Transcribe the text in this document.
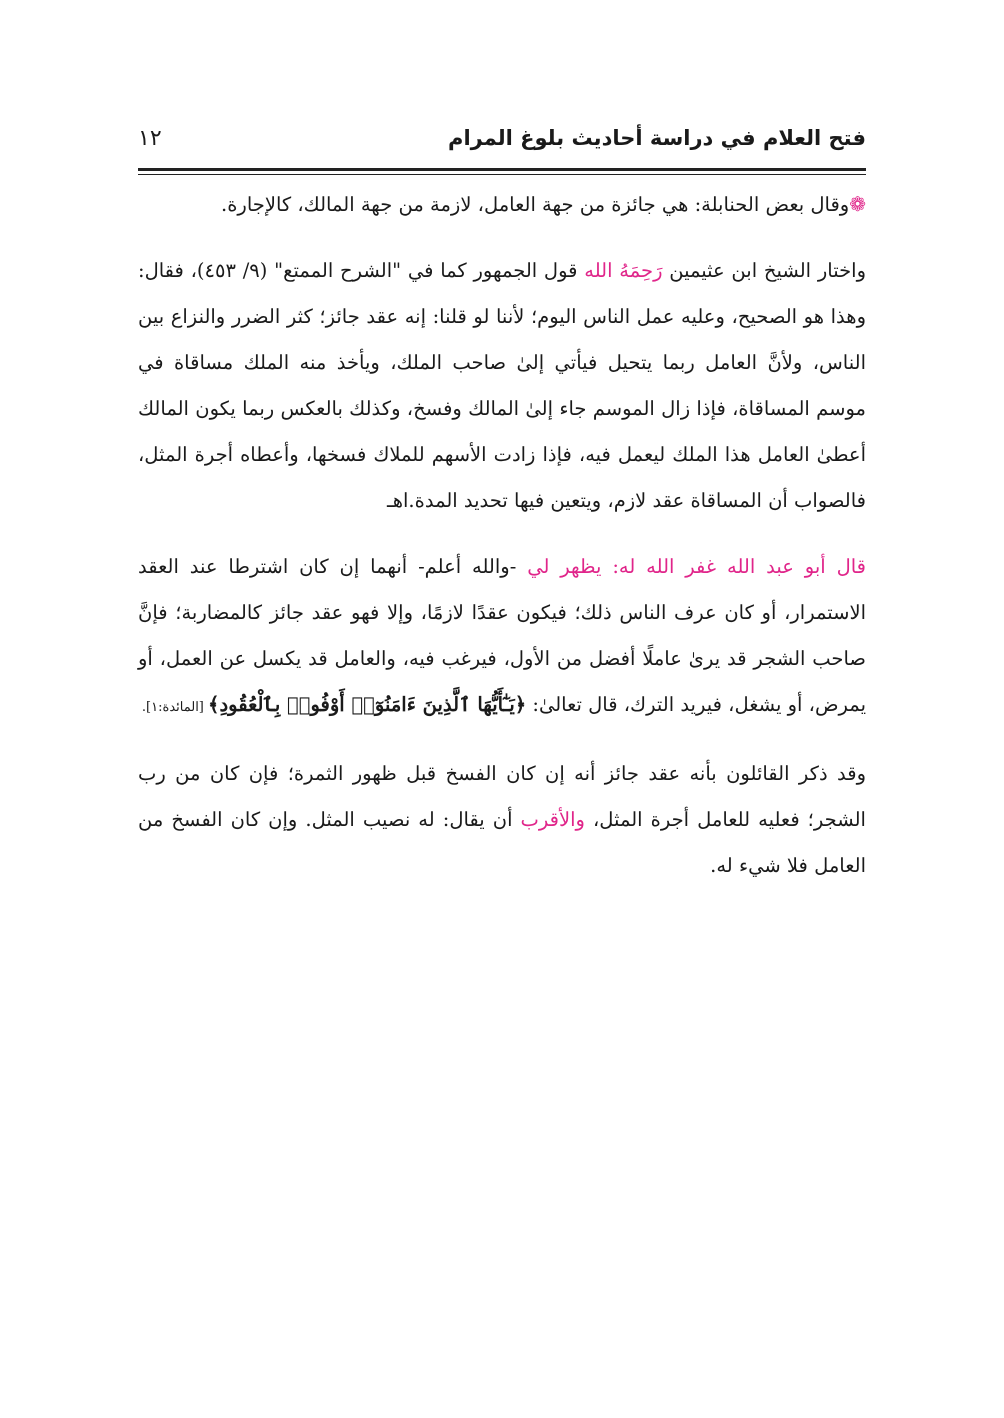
فتح العلام في دراسة أحاديث بلوغ المرام
١٢

❁وقال بعض الحنابلة: هي جائزة من جهة العامل، لازمة من جهة المالك، كالإجارة.

واختار الشيخ ابن عثيمين رَحِمَهُ الله قول الجمهور كما في "الشرح الممتع" (٩/ ٤٥٣)، فقال: وهذا هو الصحيح، وعليه عمل الناس اليوم؛ لأننا لو قلنا: إنه عقد جائز؛ كثر الضرر والنزاع بين الناس، ولأنَّ العامل ربما يتحيل فيأتي إلىٰ صاحب الملك، ويأخذ منه الملك مساقاة في موسم المساقاة، فإذا زال الموسم جاء إلىٰ المالك وفسخ، وكذلك بالعكس ربما يكون المالك أعطىٰ العامل هذا الملك ليعمل فيه، فإذا زادت الأسهم للملاك فسخها، وأعطاه أجرة المثل، فالصواب أن المساقاة عقد لازم، ويتعين فيها تحديد المدة.اهـ

قال أبو عبد الله غفر الله له: يظهر لي -والله أعلم- أنهما إن كان اشترطا عند العقد الاستمرار، أو كان عرف الناس ذلك؛ فيكون عقدًا لازمًا، وإلا فهو عقد جائز كالمضاربة؛ فإنَّ صاحب الشجر قد يرىٰ عاملًا أفضل من الأول، فيرغب فيه، والعامل قد يكسل عن العمل، أو يمرض، أو يشغل، فيريد الترك، قال تعالىٰ: ﴿يَـٰٓأَيُّهَا ٱلَّذِينَ ءَامَنُوٓا۟ أَوْفُوا۟ بِٱلْعُقُودِ﴾ [المائدة:١].

وقد ذكر القائلون بأنه عقد جائز أنه إن كان الفسخ قبل ظهور الثمرة؛ فإن كان من رب الشجر؛ فعليه للعامل أجرة المثل، والأقرب أن يقال: له نصيب المثل. وإن كان الفسخ من العامل فلا شيء له.
